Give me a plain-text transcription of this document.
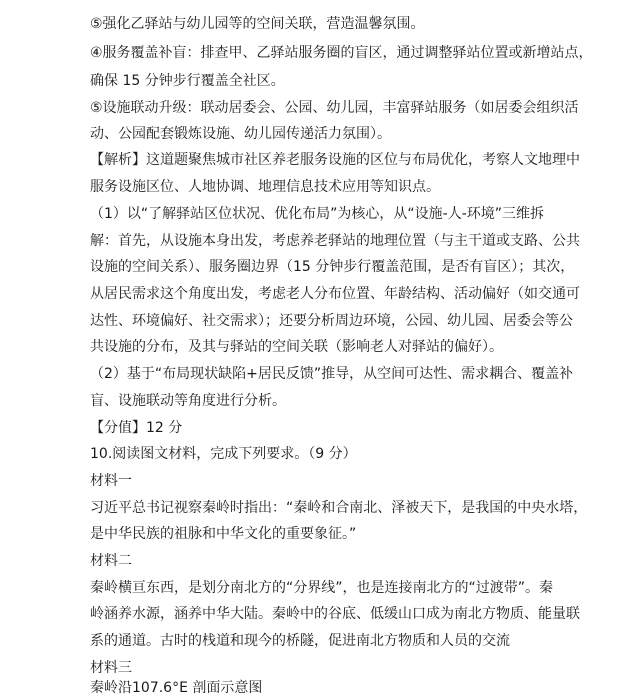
⑤强化乙驿站与幼儿园等的空间关联，营造温馨氛围。
④服务覆盖补盲：排查甲、乙驿站服务圈的盲区，通过调整驿站位置或新增站点，
确保 15 分钟步行覆盖全社区。
⑤设施联动升级：联动居委会、公园、幼儿园，丰富驿站服务（如居委会组织活
动、公园配套锻炼设施、幼儿园传递活力氛围）。
【解析】这道题聚焦城市社区养老服务设施的区位与布局优化，考察人文地理中
服务设施区位、人地协调、地理信息技术应用等知识点。
（1）以“了解驿站区位状况、优化布局”为核心，从“设施-人-环境”三维拆
解：首先，从设施本身出发，考虑养老驿站的地理位置（与主干道或支路、公共
设施的空间关系）、服务圈边界（15 分钟步行覆盖范围，是否有盲区）；其次，
从居民需求这个角度出发，考虑老人分布位置、年龄结构、活动偏好（如交通可
达性、环境偏好、社交需求）；还要分析周边环境，公园、幼儿园、居委会等公
共设施的分布，及其与驿站的空间关联（影响老人对驿站的偏好）。
（2）基于“布局现状缺陷+居民反馈”推导，从空间可达性、需求耦合、覆盖补
盲、设施联动等角度进行分析。
【分值】12 分
10.阅读图文材料，完成下列要求。（9 分）
材料一
习近平总书记视察秦岭时指出：“秦岭和合南北、泽被天下，是我国的中央水塔，
是中华民族的祖脉和中华文化的重要象征。”
材料二
秦岭横亘东西，是划分南北方的“分界线”，也是连接南北方的“过渡带”。秦
岭涵养水源，涵养中华大陆。秦岭中的谷底、低缓山口成为南北方物质、能量联
系的通道。古时的栈道和现今的桥隧，促进南北方物质和人员的交流
材料三
秦岭沿107.6°E 剖面示意图
